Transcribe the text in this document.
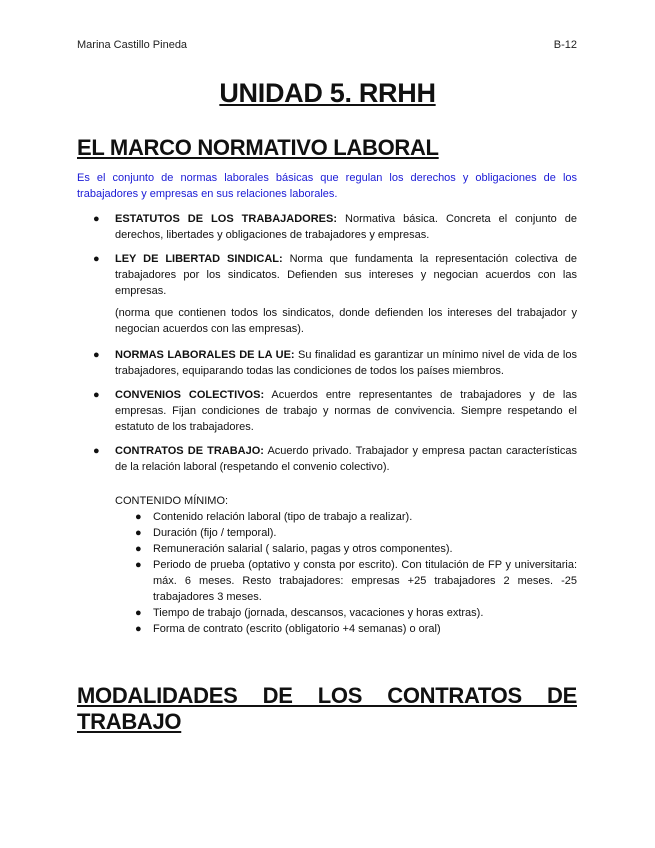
Marina Castillo Pineda	B-12
UNIDAD 5. RRHH
EL MARCO NORMATIVO LABORAL
Es el conjunto de normas laborales básicas que regulan los derechos y obligaciones de los trabajadores y empresas en sus relaciones laborales.
● ESTATUTOS DE LOS TRABAJADORES: Normativa básica. Concreta el conjunto de derechos, libertades y obligaciones de trabajadores y empresas.
● LEY DE LIBERTAD SINDICAL: Norma que fundamenta la representación colectiva de trabajadores por los sindicatos. Defienden sus intereses y negocian acuerdos con las empresas.
(norma que contienen todos los sindicatos, donde defienden los intereses del trabajador y negocian acuerdos con las empresas).
● NORMAS LABORALES DE LA UE: Su finalidad es garantizar un mínimo nivel de vida de los trabajadores, equiparando todas las condiciones de todos los países miembros.
● CONVENIOS COLECTIVOS: Acuerdos entre representantes de trabajadores y de las empresas. Fijan condiciones de trabajo y normas de convivencia. Siempre respetando el estatuto de los trabajadores.
● CONTRATOS DE TRABAJO: Acuerdo privado. Trabajador y empresa pactan características de la relación laboral (respetando el convenio colectivo).
CONTENIDO MÍNIMO:
● Contenido relación laboral (tipo de trabajo a realizar).
● Duración (fijo / temporal).
● Remuneración salarial ( salario, pagas y otros componentes).
● Periodo de prueba (optativo y consta por escrito). Con titulación de FP y universitaria: máx. 6 meses. Resto trabajadores: empresas +25 trabajadores 2 meses. -25 trabajadores 3 meses.
● Tiempo de trabajo (jornada, descansos, vacaciones y horas extras).
● Forma de contrato (escrito (obligatorio +4 semanas) o oral)
MODALIDADES DE LOS CONTRATOS DE TRABAJO
